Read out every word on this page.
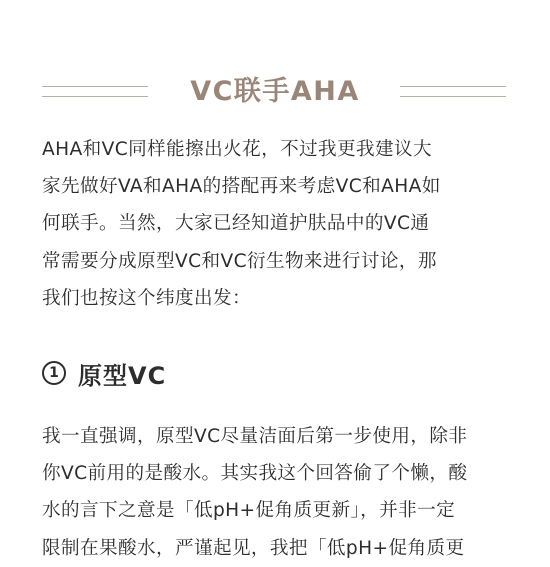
VC联手AHA

AHA和VC同样能擦出火花，不过我更我建议大
家先做好VA和AHA的搭配再来考虑VC和AHA如
何联手。当然，大家已经知道护肤品中的VC通
常需要分成原型VC和VC衍生物来进行讨论，那
我们也按这个纬度出发：

1 原型VC

我一直强调，原型VC尽量洁面后第一步使用，除非
你VC前用的是酸水。其实我这个回答偷了个懒，酸
水的言下之意是「低pH+促角质更新」，并非一定
限制在果酸水，严谨起见，我把「低pH+促角质更
